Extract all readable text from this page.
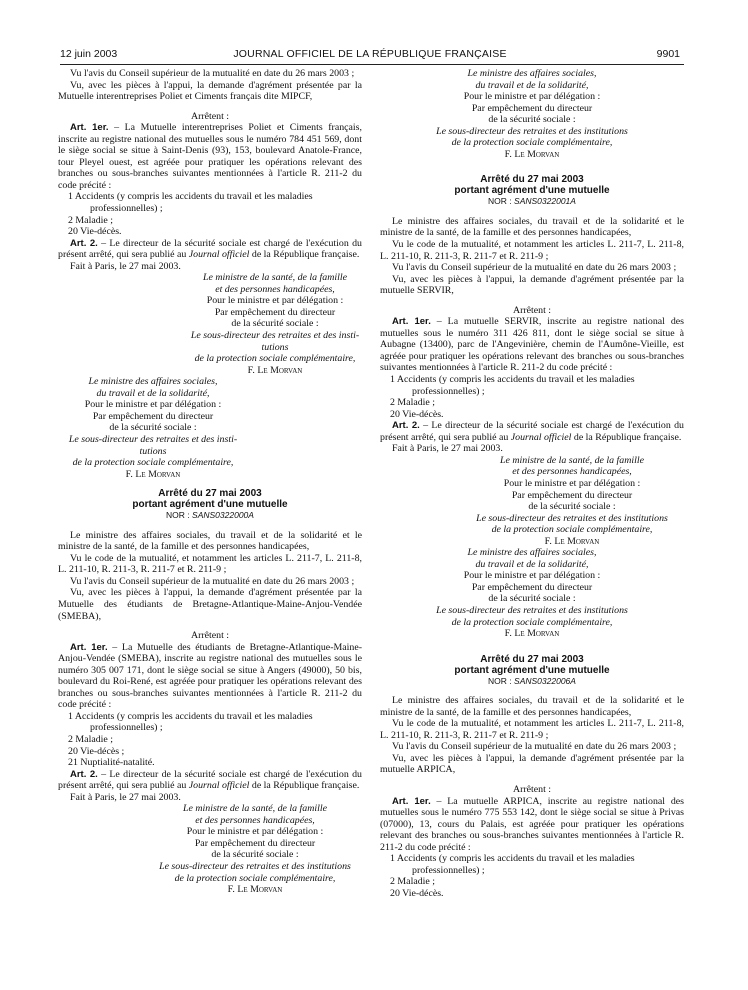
12 juin 2003	JOURNAL OFFICIEL DE LA RÉPUBLIQUE FRANÇAISE	9901

Vu l'avis du Conseil supérieur de la mutualité en date du 26 mars 2003 ;

Vu, avec les pièces à l'appui, la demande d'agrément présentée par la Mutuelle interentreprises Poliet et Ciments français dite MIPCF,

Arrêtent :

Art. 1er. – La Mutuelle interentreprises Poliet et Ciments français, inscrite au registre national des mutuelles sous le numéro 784 451 569, dont le siège social se situe à Saint-Denis (93), 153, boulevard Anatole-France, tour Pleyel ouest, est agréée pour pratiquer les opérations relevant des branches ou sous-branches suivantes mentionnées à l'article R. 211-2 du code précité :

1 Accidents (y compris les accidents du travail et les maladies professionnelles) ;

2 Maladie ;

20 Vie-décès.

Art. 2. – Le directeur de la sécurité sociale est chargé de l'exécution du présent arrêté, qui sera publié au Journal officiel de la République française.

Fait à Paris, le 27 mai 2003.

Le ministre de la santé, de la famille

et des personnes handicapées,

Pour le ministre et par délégation :

Par empêchement du directeur

de la sécurité sociale :

Le sous-directeur des retraites et des insti-

tutions

de la protection sociale complémentaire,

F. Le Morvan

Le ministre des affaires sociales,

du travail et de la solidarité,

Pour le ministre et par délégation :

Par empêchement du directeur

de la sécurité sociale :

Le sous-directeur des retraites et des insti-

tutions

de la protection sociale complémentaire,

F. Le Morvan

Arrêté du 27 mai 2003

portant agrément d'une mutuelle

NOR : SANS0322000A

Le ministre des affaires sociales, du travail et de la solidarité et le ministre de la santé, de la famille et des personnes handicapées,

Vu le code de la mutualité, et notamment les articles L. 211-7, L. 211-8, L. 211-10, R. 211-3, R. 211-7 et R. 211-9 ;

Vu l'avis du Conseil supérieur de la mutualité en date du 26 mars 2003 ;

Vu, avec les pièces à l'appui, la demande d'agrément présentée par la Mutuelle des étudiants de Bretagne-Atlantique-Maine-Anjou-Vendée (SMEBA),

Arrêtent :

Art. 1er. – La Mutuelle des étudiants de Bretagne-Atlantique-Maine-Anjou-Vendée (SMEBA), inscrite au registre national des mutuelles sous le numéro 305 007 171, dont le siège social se situe à Angers (49000), 50 bis, boulevard du Roi-René, est agréée pour pratiquer les opérations relevant des branches ou sous-branches suivantes mentionnées à l'article R. 211-2 du code précité :

1 Accidents (y compris les accidents du travail et les maladies professionnelles) ;

2 Maladie ;

20 Vie-décès ;

21 Nuptialité-natalité.

Art. 2. – Le directeur de la sécurité sociale est chargé de l'exécution du présent arrêté, qui sera publié au Journal officiel de la République française.

Fait à Paris, le 27 mai 2003.

Le ministre de la santé, de la famille

et des personnes handicapées,

Pour le ministre et par délégation :

Par empêchement du directeur

de la sécurité sociale :

Le sous-directeur des retraites et des institutions

de la protection sociale complémentaire,

F. Le Morvan

Le ministre des affaires sociales,

du travail et de la solidarité,

Pour le ministre et par délégation :

Par empêchement du directeur

de la sécurité sociale :

Le sous-directeur des retraites et des institutions

de la protection sociale complémentaire,

F. Le Morvan

Arrêté du 27 mai 2003

portant agrément d'une mutuelle

NOR : SANS0322001A

Le ministre des affaires sociales, du travail et de la solidarité et le ministre de la santé, de la famille et des personnes handicapées,

Vu le code de la mutualité, et notamment les articles L. 211-7, L. 211-8, L. 211-10, R. 211-3, R. 211-7 et R. 211-9 ;

Vu l'avis du Conseil supérieur de la mutualité en date du 26 mars 2003 ;

Vu, avec les pièces à l'appui, la demande d'agrément présentée par la mutuelle SERVIR,

Arrêtent :

Art. 1er. – La mutuelle SERVIR, inscrite au registre national des mutuelles sous le numéro 311 426 811, dont le siège social se situe à Aubagne (13400), parc de l'Angevinière, chemin de l'Aumône-Vieille, est agréée pour pratiquer les opérations relevant des branches ou sous-branches suivantes mentionnées à l'article R. 211-2 du code précité :

1 Accidents (y compris les accidents du travail et les maladies professionnelles) ;

2 Maladie ;

20 Vie-décès.

Art. 2. – Le directeur de la sécurité sociale est chargé de l'exécution du présent arrêté, qui sera publié au Journal officiel de la République française.

Fait à Paris, le 27 mai 2003.

Le ministre de la santé, de la famille

et des personnes handicapées,

Pour le ministre et par délégation :

Par empêchement du directeur

de la sécurité sociale :

Le sous-directeur des retraites et des institutions

de la protection sociale complémentaire,

F. Le Morvan

Le ministre des affaires sociales,

du travail et de la solidarité,

Pour le ministre et par délégation :

Par empêchement du directeur

de la sécurité sociale :

Le sous-directeur des retraites et des institutions

de la protection sociale complémentaire,

F. Le Morvan

Arrêté du 27 mai 2003

portant agrément d'une mutuelle

NOR : SANS0322006A

Le ministre des affaires sociales, du travail et de la solidarité et le ministre de la santé, de la famille et des personnes handicapées,

Vu le code de la mutualité, et notamment les articles L. 211-7, L. 211-8, L. 211-10, R. 211-3, R. 211-7 et R. 211-9 ;

Vu l'avis du Conseil supérieur de la mutualité en date du 26 mars 2003 ;

Vu, avec les pièces à l'appui, la demande d'agrément présentée par la mutuelle ARPICA,

Arrêtent :

Art. 1er. – La mutuelle ARPICA, inscrite au registre national des mutuelles sous le numéro 775 553 142, dont le siège social se situe à Privas (07000), 13, cours du Palais, est agréée pour pratiquer les opérations relevant des branches ou sous-branches suivantes mentionnées à l'article R. 211-2 du code précité :

1 Accidents (y compris les accidents du travail et les maladies professionnelles) ;

2 Maladie ;

20 Vie-décès.
